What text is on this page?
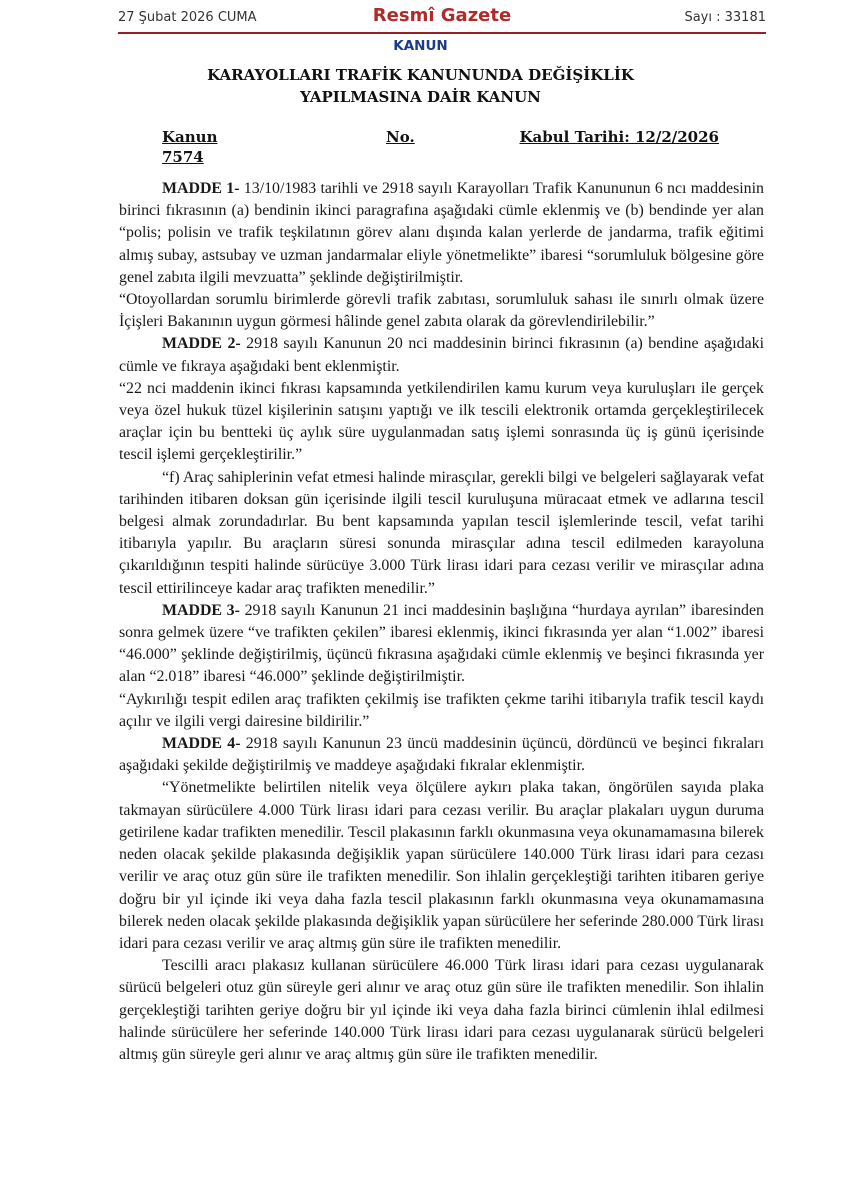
27 Şubat 2026 CUMA	Resmî Gazete	Sayı : 33181
KANUN
KARAYOLLARI TRAFİK KANUNUNDA DEĞİŞİKLİK
YAPILMASINA DAİR KANUN
Kanun	No.
7574
Kabul Tarihi: 12/2/2026

MADDE 1- 13/10/1983 tarihli ve 2918 sayılı Karayolları Trafik Kanununun 6 ncı maddesinin birinci fıkrasının (a) bendinin ikinci paragrafına aşağıdaki cümle eklenmiş ve (b) bendinde yer alan “polis; polisin ve trafik teşkilatının görev alanı dışında kalan yerlerde de jandarma, trafik eğitimi almış subay, astsubay ve uzman jandarmalar eliyle yönetmelikte” ibaresi “sorumluluk bölgesine göre genel zabıta ilgili mevzuatta” şeklinde değiştirilmiştir.

“Otoyollardan sorumlu birimlerde görevli trafik zabıtası, sorumluluk sahası ile sınırlı olmak üzere İçişleri Bakanının uygun görmesi hâlinde genel zabıta olarak da görevlendirilebilir.”

MADDE 2- 2918 sayılı Kanunun 20 nci maddesinin birinci fıkrasının (a) bendine aşağıdaki cümle ve fıkraya aşağıdaki bent eklenmiştir.

“22 nci maddenin ikinci fıkrası kapsamında yetkilendirilen kamu kurum veya kuruluşları ile gerçek veya özel hukuk tüzel kişilerinin satışını yaptığı ve ilk tescili elektronik ortamda gerçekleştirilecek araçlar için bu bentteki üç aylık süre uygulanmadan satış işlemi sonrasında üç iş günü içerisinde tescil işlemi gerçekleştirilir.”

“f) Araç sahiplerinin vefat etmesi halinde mirasçılar, gerekli bilgi ve belgeleri sağlayarak vefat tarihinden itibaren doksan gün içerisinde ilgili tescil kuruluşuna müracaat etmek ve adlarına tescil belgesi almak zorundadırlar. Bu bent kapsamında yapılan tescil işlemlerinde tescil, vefat tarihi itibarıyla yapılır. Bu araçların süresi sonunda mirasçılar adına tescil edilmeden karayoluna çıkarıldığının tespiti halinde sürücüye 3.000 Türk lirası idari para cezası verilir ve mirasçılar adına tescil ettirilinceye kadar araç trafikten menedilir.”

MADDE 3- 2918 sayılı Kanunun 21 inci maddesinin başlığına “hurdaya ayrılan” ibaresinden sonra gelmek üzere “ve trafikten çekilen” ibaresi eklenmiş, ikinci fıkrasında yer alan “1.002” ibaresi “46.000” şeklinde değiştirilmiş, üçüncü fıkrasına aşağıdaki cümle eklenmiş ve beşinci fıkrasında yer alan “2.018” ibaresi “46.000” şeklinde değiştirilmiştir.

“Aykırılığı tespit edilen araç trafikten çekilmiş ise trafikten çekme tarihi itibarıyla trafik tescil kaydı açılır ve ilgili vergi dairesine bildirilir.”

MADDE 4- 2918 sayılı Kanunun 23 üncü maddesinin üçüncü, dördüncü ve beşinci fıkraları aşağıdaki şekilde değiştirilmiş ve maddeye aşağıdaki fıkralar eklenmiştir.

“Yönetmelikte belirtilen nitelik veya ölçülere aykırı plaka takan, öngörülen sayıda plaka takmayan sürücülere 4.000 Türk lirası idari para cezası verilir. Bu araçlar plakaları uygun duruma getirilene kadar trafikten menedilir. Tescil plakasının farklı okunmasına veya okunamamasına bilerek neden olacak şekilde plakasında değişiklik yapan sürücülere 140.000 Türk lirası idari para cezası verilir ve araç otuz gün süre ile trafikten menedilir. Son ihlalin gerçekleştiği tarihten itibaren geriye doğru bir yıl içinde iki veya daha fazla tescil plakasının farklı okunmasına veya okunamamasına bilerek neden olacak şekilde plakasında değişiklik yapan sürücülere her seferinde 280.000 Türk lirası idari para cezası verilir ve araç altmış gün süre ile trafikten menedilir.

Tescilli aracı plakasız kullanan sürücülere 46.000 Türk lirası idari para cezası uygulanarak sürücü belgeleri otuz gün süreyle geri alınır ve araç otuz gün süre ile trafikten menedilir. Son ihlalin gerçekleştiği tarihten geriye doğru bir yıl içinde iki veya daha fazla birinci cümlenin ihlal edilmesi halinde sürücülere her seferinde 140.000 Türk lirası idari para cezası uygulanarak sürücü belgeleri altmış gün süreyle geri alınır ve araç altmış gün süre ile trafikten menedilir.
